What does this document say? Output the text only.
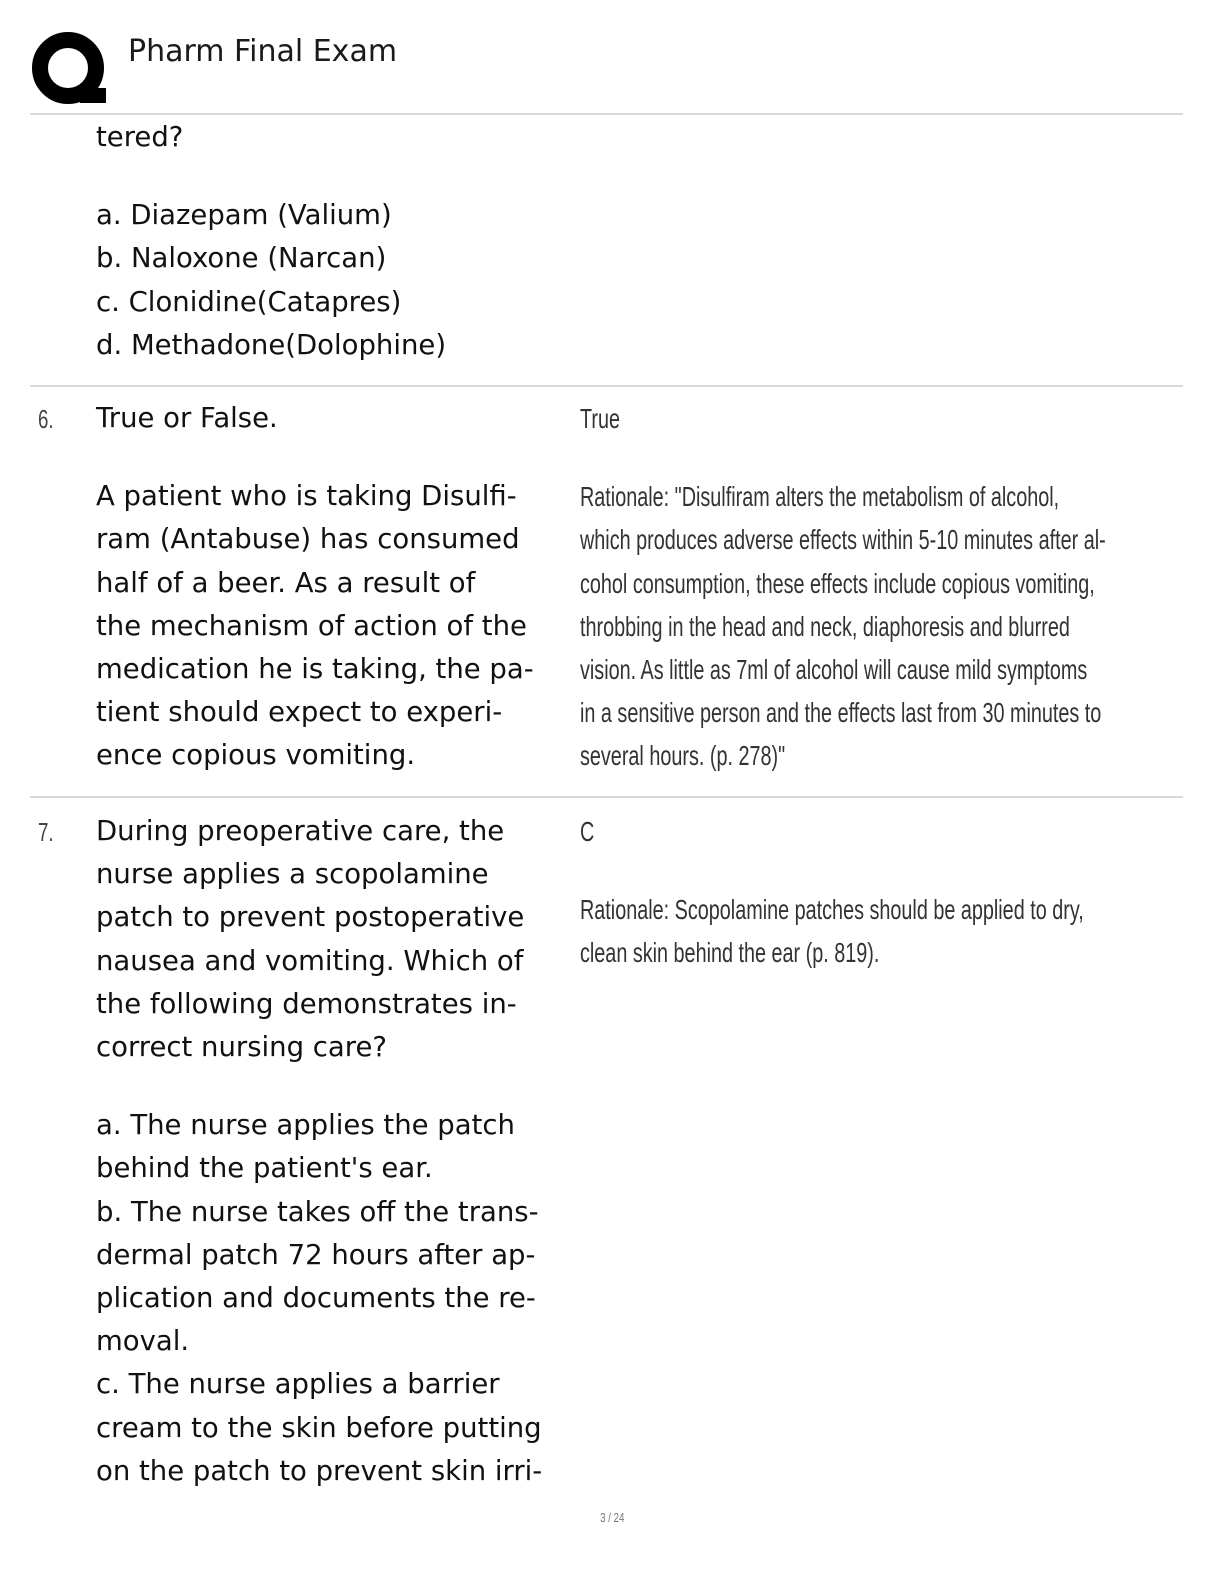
Pharm Final Exam
tered?
a. Diazepam (Valium)
b. Naloxone (Narcan)
c. Clonidine(Catapres)
d. Methadone(Dolophine)
6. True or False.
A patient who is taking Disulfi-
ram (Antabuse) has consumed
half of a beer. As a result of
the mechanism of action of the
medication he is taking, the pa-
tient should expect to experi-
ence copious vomiting.
True
Rationale: "Disulfiram alters the metabolism of alcohol,
which produces adverse effects within 5-10 minutes after al-
cohol consumption, these effects include copious vomiting,
throbbing in the head and neck, diaphoresis and blurred
vision. As little as 7ml of alcohol will cause mild symptoms
in a sensitive person and the effects last from 30 minutes to
several hours. (p. 278)"
7. During preoperative care, the
nurse applies a scopolamine
patch to prevent postoperative
nausea and vomiting. Which of
the following demonstrates in-
correct nursing care?
a. The nurse applies the patch
behind the patient's ear.
b. The nurse takes off the trans-
dermal patch 72 hours after ap-
plication and documents the re-
moval.
c. The nurse applies a barrier
cream to the skin before putting
on the patch to prevent skin irri-
C
Rationale: Scopolamine patches should be applied to dry,
clean skin behind the ear (p. 819).
3 / 24
